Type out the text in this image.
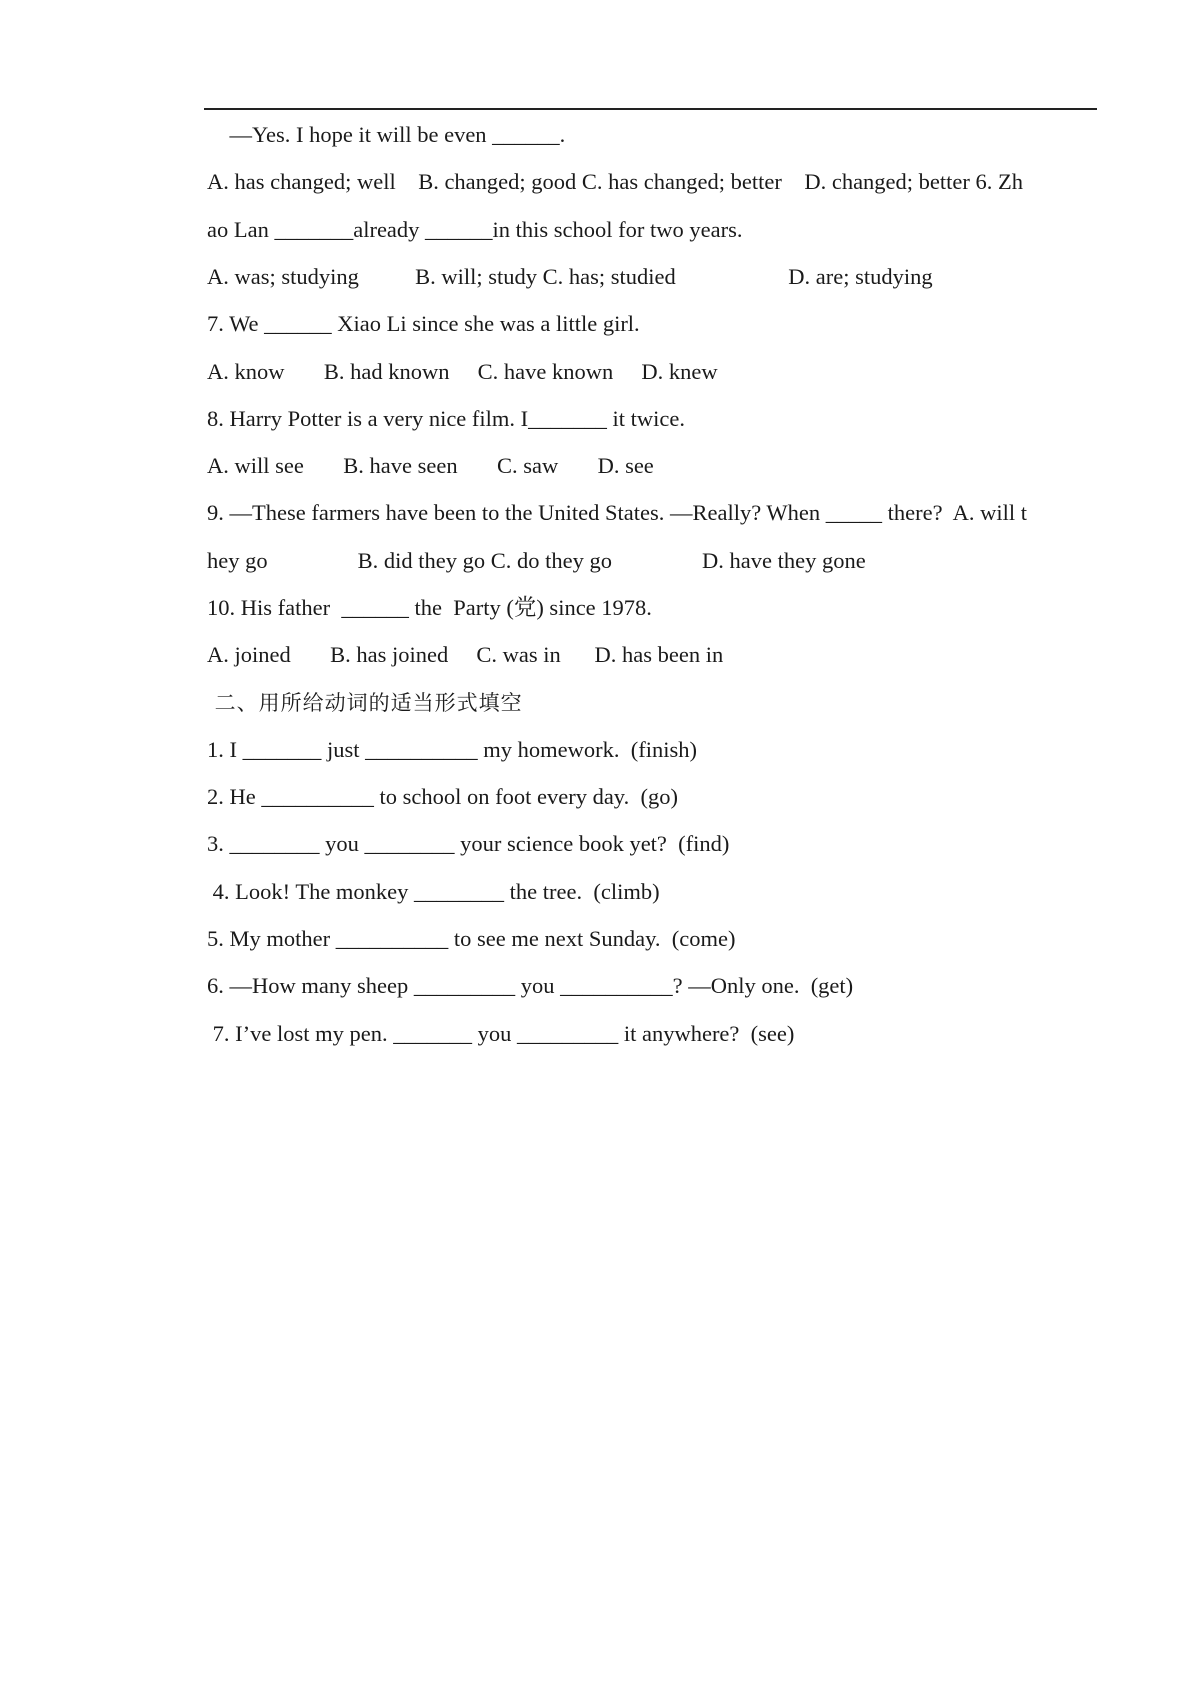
—Yes. I hope it will be even ______.
A. has changed; well    B. changed; good C. has changed; better    D. changed; better 6. Zh
ao Lan _______already ______in this school for two years.
A. was; studying          B. will; study C. has; studied                    D. are; studying
7. We ______ Xiao Li since she was a little girl.
A. know       B. had known     C. have known     D. knew
8. Harry Potter is a very nice film. I_______ it twice.
A. will see       B. have seen       C. saw       D. see
9. —These farmers have been to the United States. —Really? When _____ there?  A. will t
hey go                B. did they go C. do they go                D. have they gone
10. His father  ______ the  Party (党) since 1978.
A. joined       B. has joined     C. was in      D. has been in
二、用所给动词的适当形式填空
1. I _______ just __________ my homework.  (finish)
2. He __________ to school on foot every day.  (go)
3. ________ you ________ your science book yet?  (find)
4. Look! The monkey ________ the tree.  (climb)
5. My mother __________ to see me next Sunday.  (come)
6. —How many sheep _________ you __________? —Only one.  (get)
7. I’ve lost my pen. _______ you _________ it anywhere?  (see)
